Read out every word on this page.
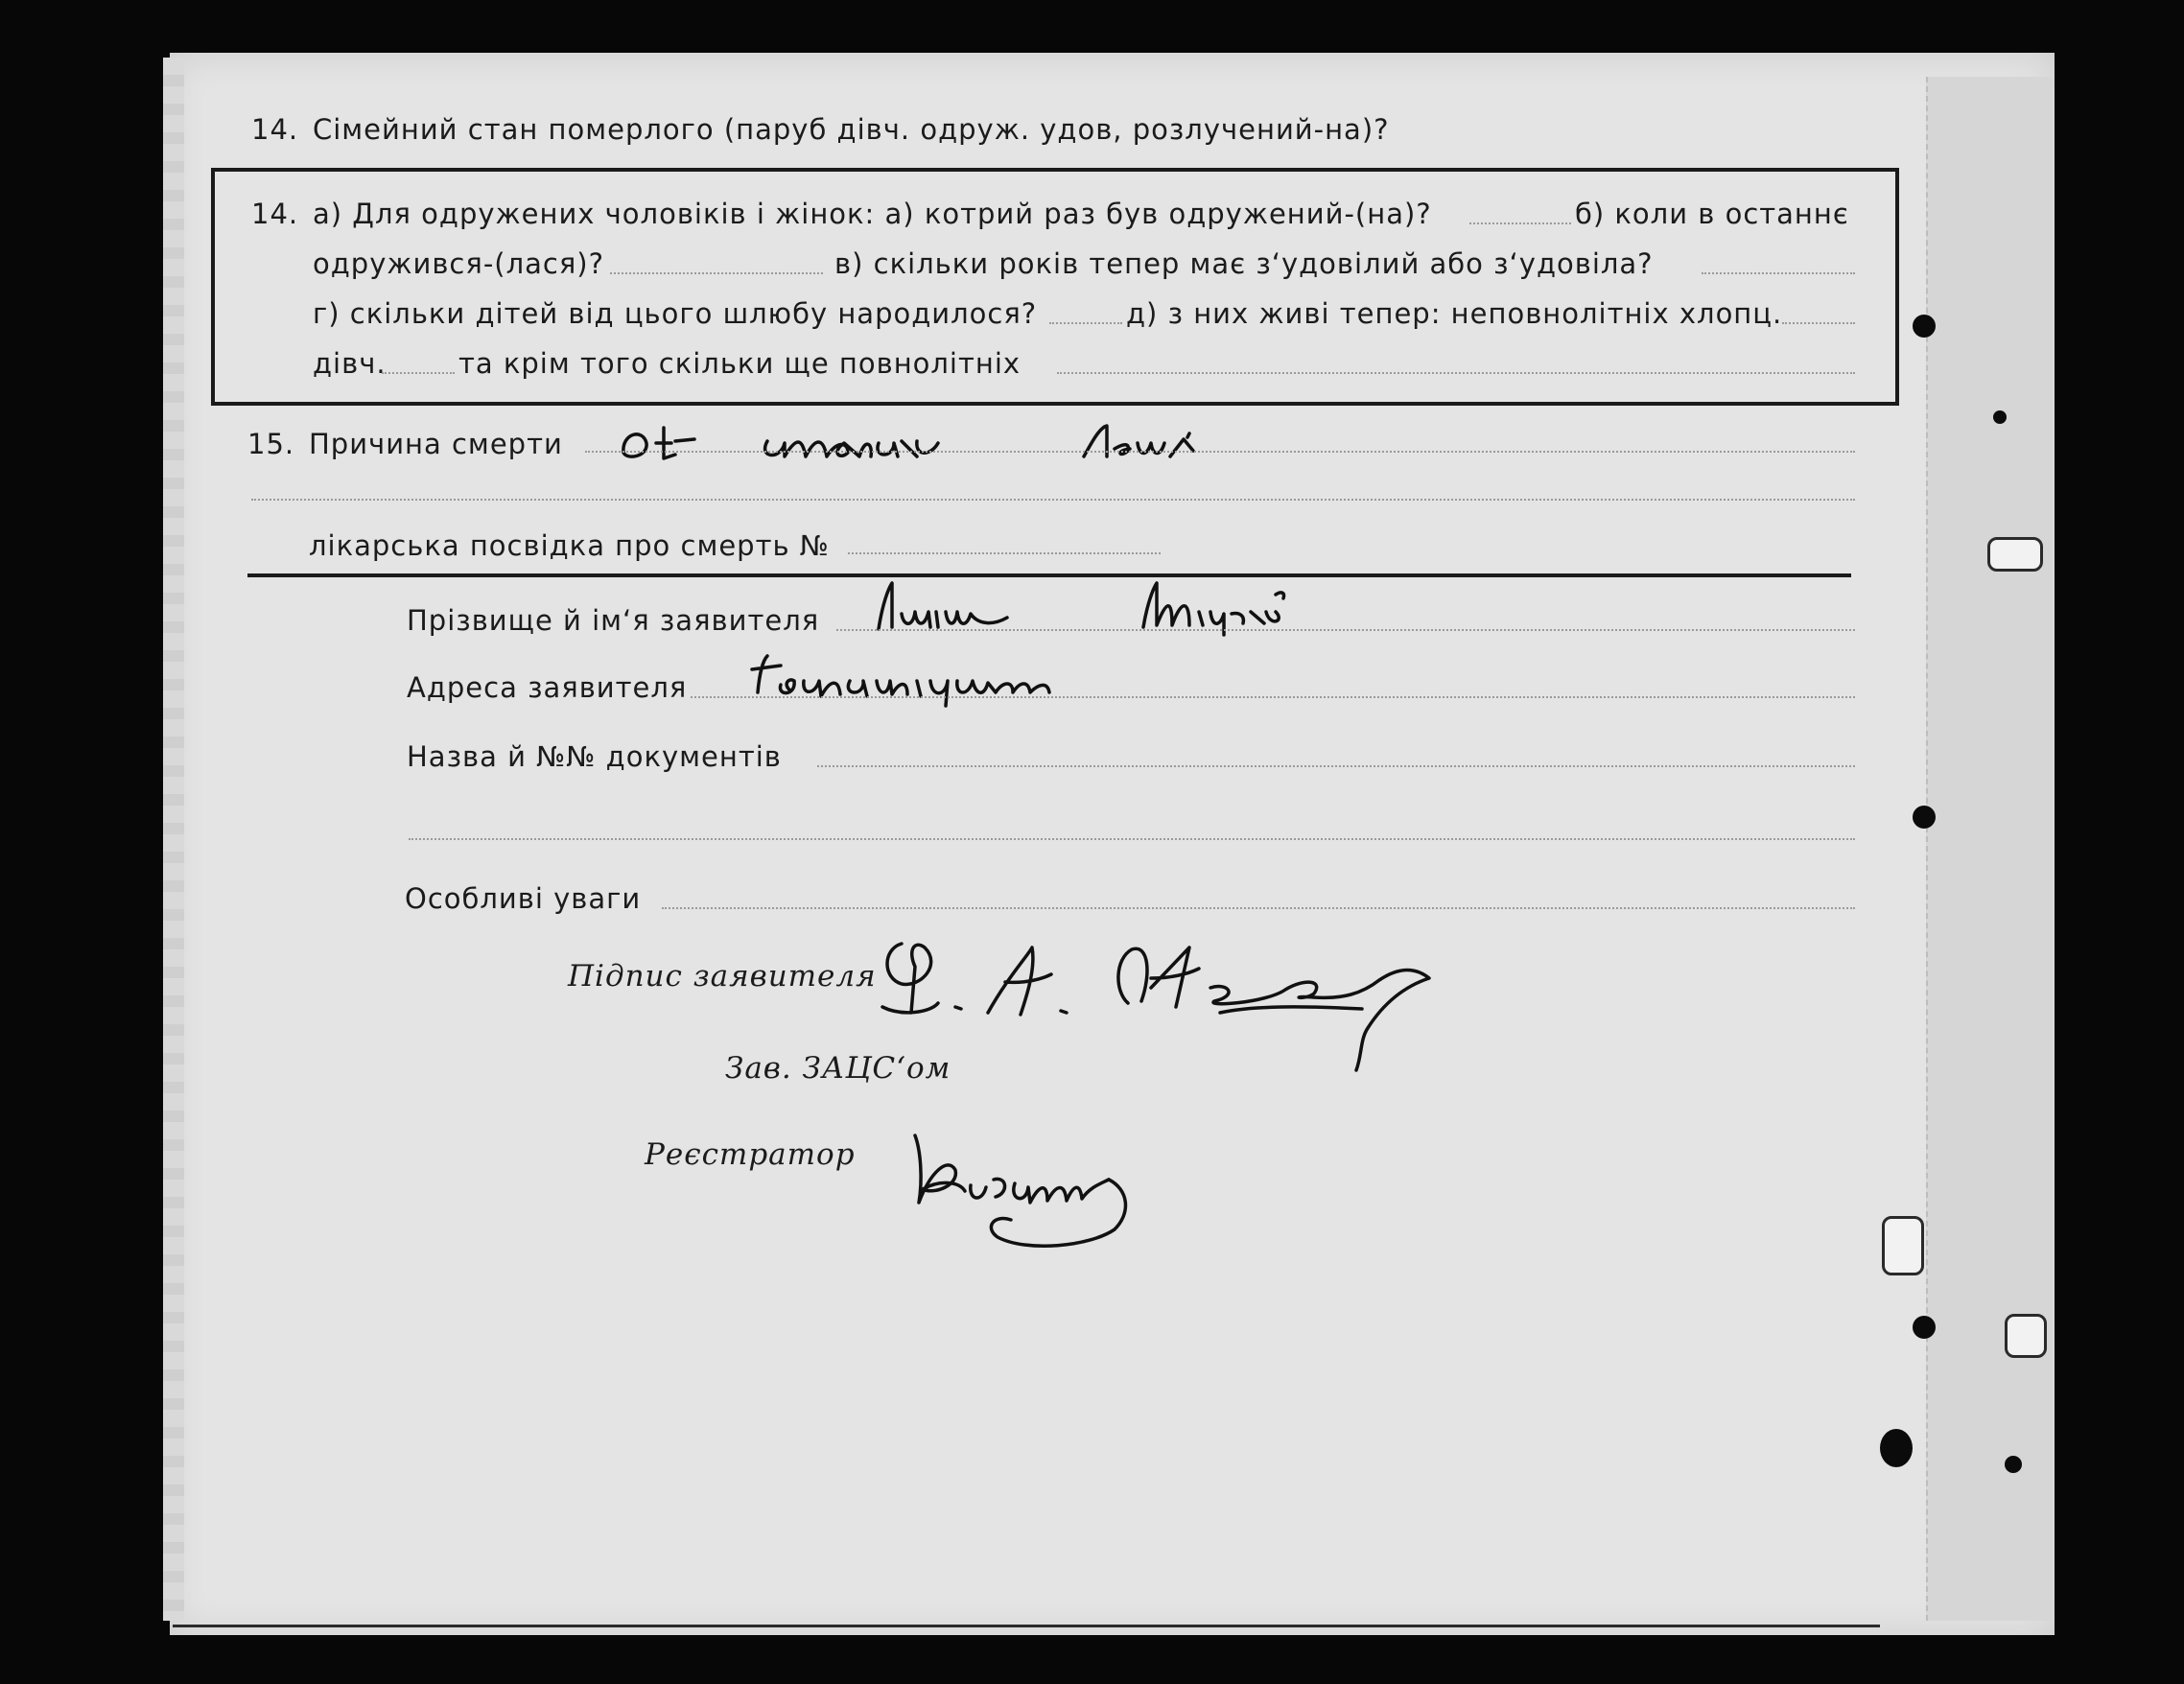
14. Сімейний стан померлого (паруб дівч. одруж. удов, розлучений-на)?
14. а) Для одружених чоловіків і жінок: а) котрий раз був одружений-(на)?	б) коли в останнє
одружився-(лася)?	в) скільки років тепер має з‘удовілий або з‘удовіла?
г) скільки дітей від цього шлюбу народилося?	д) з них живі тепер: неповнолітніх хлопц.
дівч.	та крім того скільки ще повнолітніх
15. Причина смерти
лікарська посвідка про смерть №
Прізвище й ім‘я заявителя
Адреса заявителя
Назва й №№ документів
Особливі уваги
Підпис заявителя
Зав. ЗАЦС‘ом
Реєстратор
